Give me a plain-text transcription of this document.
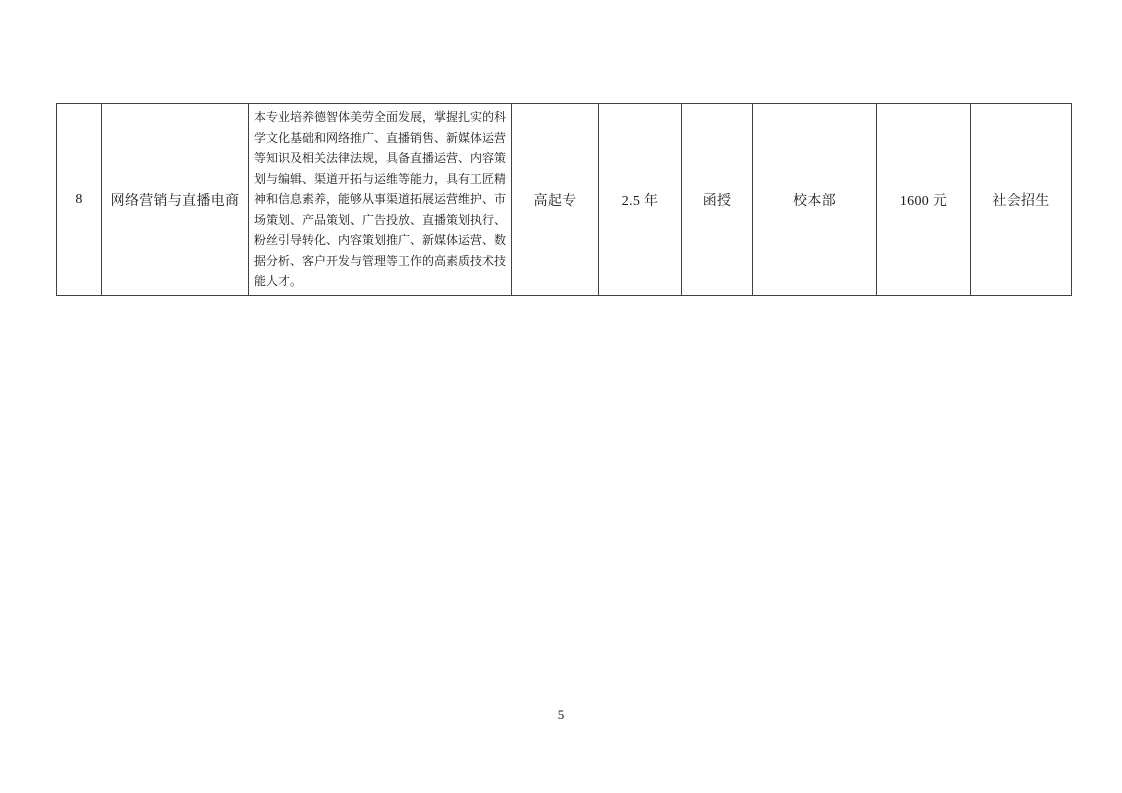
8	网络营销与直播电商	本专业培养德智体美劳全面发展，掌握扎实的科学文化基础和网络推广、直播销售、新媒体运营等知识及相关法律法规，具备直播运营、内容策划与编辑、渠道开拓与运维等能力，具有工匠精神和信息素养，能够从事渠道拓展运营维护、市场策划、产品策划、广告投放、直播策划执行、粉丝引导转化、内容策划推广、新媒体运营、数据分析、客户开发与管理等工作的高素质技术技能人才。	高起专	2.5 年	函授	校本部	1600 元	社会招生
5
